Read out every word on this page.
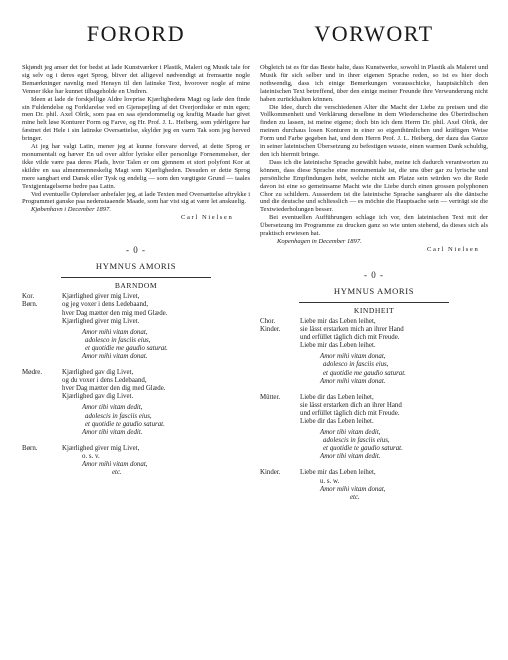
FORORD

Skjøndt jeg anser det for bedst at lade Kunstværker i Plastik, Maleri og Musik tale for sig selv og i deres eget Sprog, bliver det alligevel nødvendigt at fremsætte nogle Bemærkninger navnlig med Hensyn til den latinske Text, hvorover nogle af mine Venner ikke har kunnet tilbageholde en Undren.

Ideen at lade de forskjellige Aldre lovprise Kjærlighedens Magt og lade den finde sin Fuldendelse og Forklarelse ved en Gjenspejling af det Overjordiske er min egen; men Dr. phil. Axel Olrik, som paa en saa ejendommelig og kraftig Maade har givet mine helt løse Konturer Form og Farve, og Hr. Prof. J. L. Heiberg, som ydérligere har fæstnet det Hele i sin latinske Oversættelse, skylder jeg en varm Tak som jeg herved bringer.

At jeg har valgt Latin, mener jeg at kunne forsvare derved, at dette Sprog er monumentalt og hæver En ud over altfor lyriske eller personlige Fornemmelser, der ikke vilde være paa deres Plads, hvor Talen er om gjennem et stort polyfont Kor at skildre en saa almenmenneskelig Magt som Kjærligheden. Desuden er dette Sprog mere sangbart end Dansk eller Tysk og endelig — som den vægtigste Grund — taales Textgjentagelserne bedre paa Latin.

Ved eventuelle Opførelser anbefaler jeg, at lade Texten med Oversættelse aftrykke i Programmet ganske paa nedenstaaende Maade, som har vist sig at være let anskuelig.

Kjøbenhavn i December 1897.

Carl Nielsen

- 0 -

HYMNUS AMORIS

BARNDOM

Kor.	Kjærlighed giver mig Livet,
Børn.	og jeg voxer i dens Ledebaand,
hver Dag mætter den mig med Glæde.
Kjærlighed giver mig Livet.
Amor mihi vitam donat,
adolesco in fasciis eius,
et quotidie me gaudio saturat.
Amor mihi vitam donat.
Mødre.	Kjærlighed gav dig Livet,
og du voxer i dens Ledebaand,
hver Dag mætter den dig med Glæde.
Kjærlighed gav dig Livet.
Amor tibi vitam dedit,
adolescis in fasciis eius,
et quotidie te gaudio saturat.
Amor tibi vitam dedit.
Børn.	Kjærlighed giver mig Livet,
o. s. v.
Amor mihi vitam donat,
etc.
VORWORT

Obgleich ist es für das Beste halte, dass Kunstwerke, sowohl in Plastik als Malerei und Musik für sich selber und in ihrer eigenen Sprache reden, so ist es hier doch nothwendig, dass ich einige Bemerkungen vorausschicke, hauptsächlich den lateinischen Text betreffend, über den einige meiner Freunde ihre Verwunderung nicht haben zurückhalten können.

Die Idee, durch die verschiedenen Alter die Macht der Liebe zu preisen und die Vollkommenheit und Verklärung derselbne in dem Wiederscheine des Überirdischen finden zu lassen, ist meine eigene; doch bin ich dem Herrn Dr. phil. Axel Olrik, der meinen durchaus losen Konturen in einer so eigenthümlichen und kräftigen Weise Form und Farbe gegeben hat, und dem Herrn Prof. J. L. Heiberg, der dazu das Ganze in seiner lateinischen Übersetzung zu befestigen wusste, einen warmen Dank schuldig, den ich hiermit bringe.

Dass ich die lateinische Sprache gewählt habe, meine ich dadurch verantworten zu können, dass diese Sprache eine monumentale ist, die uns über gar zu lyrische und persönliche Empfindungen hebt, welche nicht am Platze sein würden wo die Rede davon ist eine so gemeinsame Macht wie die Liebe durch einen grossen polyphonen Chor zu schildern. Ausserdem ist die lateinische Sprache sangbarer als die dänische und die deutsche und schliesslich — es möchte die Hauptsache sein — verträgt sie die Textwiederholungen besser.

Bei eventuellen Aufführungen schlage ich vor, den lateinischen Text mit der Übersetzung im Programme zu drucken ganz so wie unten stehend, da dieses sich als praktisch erwiesen hat.

Kopenhagen in December 1897.

Carl Nielsen

- 0 -

HYMNUS AMORIS

KINDHEIT

Chor.	Liebe mir das Leben leihet,
Kinder.	sie lässt erstarken mich an ihrer Hand
und erfüllet täglich dich mit Freude.
Liebe mir das Leben leihet.
Amor mihi vitam donat,
adolesco in fasciis eius,
et quotidie me gaudio saturat.
Amor mihi vitam donat.
Mütter.	Liebe dir das Leben leihet,
sie lässt erstarken dich an ihrer Hand
und erfüllet täglich dich mit Freude.
Liebe dir das Leben leihet.
Amor tibi vitam dedit,
adolescis in fasciis eius,
et quotidie te gaudio saturat.
Amor tibi vitam dedit.
Kinder.	Liebe mir das Leben leihet,
u. s. w.
Amor mihi vitam donat,
etc.
